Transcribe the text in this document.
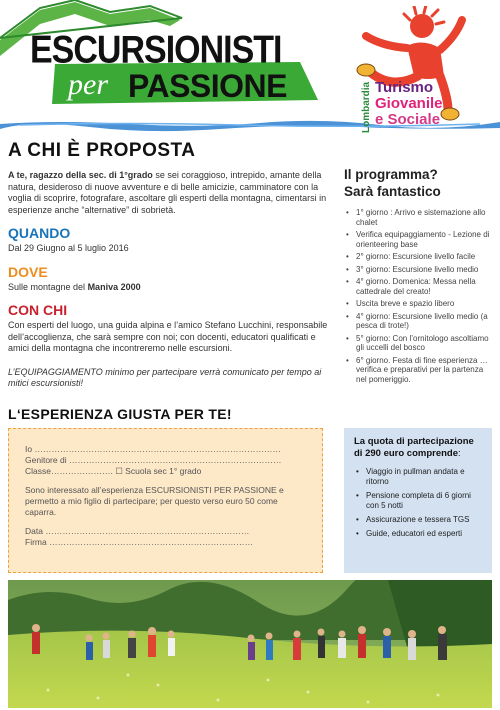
ESCURSIONISTI
per PASSIONE	Lombardia Turismo
Giovanile
e Sociale
A CHI È PROPOSTA

A te, ragazzo della sec. di 1°grado se sei coraggioso, intrepido, amante della natura, desideroso di nuove avventure e di belle amicizie, camminatore con la voglia di scoprire, fotografare, ascoltare gli esperti della montagna, cimentarsi in esperienze anche “alternative” di sobrietà.

QUANDO

Dal 29 Giugno al 5 luglio 2016

DOVE

Sulle montagne del Maniva 2000

CON CHI

Con esperti del luogo, una guida alpina e l’amico Stefano Lucchini, responsabile dell’accoglienza, che sarà sempre con noi; con docenti, educatori qualificati e amici della montagna che incontreremo nelle escursioni.

L’EQUIPAGGIAMENTO minimo per partecipare verrà comunicato per tempo ai mitici escursionisti!

Il programma?
Sarà fantastico
• 1° giorno : Arrivo e sistemazione allo chalet
• Verifica equipaggiamento - Lezione di orienteering base
• 2° giorno: Escursione livello facile
• 3° giorno: Escursione livello medio
• 4° giorno. Domenica: Messa nella cattedrale del creato!
• Uscita breve e spazio libero
• 4° giorno: Escursione livello medio (a pesca di trote!)
• 5° giorno: Con l’ornitologo ascoltiamo gli uccelli del bosco
• 6° giorno. Festa di fine esperienza … verifica e preparativi per la partenza nel pomeriggio.
L‘ESPERIENZA GIUSTA PER TE!
Io ……………………………………………………………………………
Genitore di …………………………………………………………………
Classe…………………. ☐ Scuola sec 1° grado
Sono interessato all’esperienza ESCURSIONISTI PER PASSIONE e permetto a mio figlio di partecipare; per questo verso euro 50 come caparra.
Data ………………………………………………………………
Firma ………………………………………………………………
La quota di partecipazione di 290 euro comprende:
• Viaggio in pullman andata e ritorno
• Pensione completa di 6 giorni con 5 notti
• Assicurazione e tessera TGS
• Guide, educatori ed esperti
